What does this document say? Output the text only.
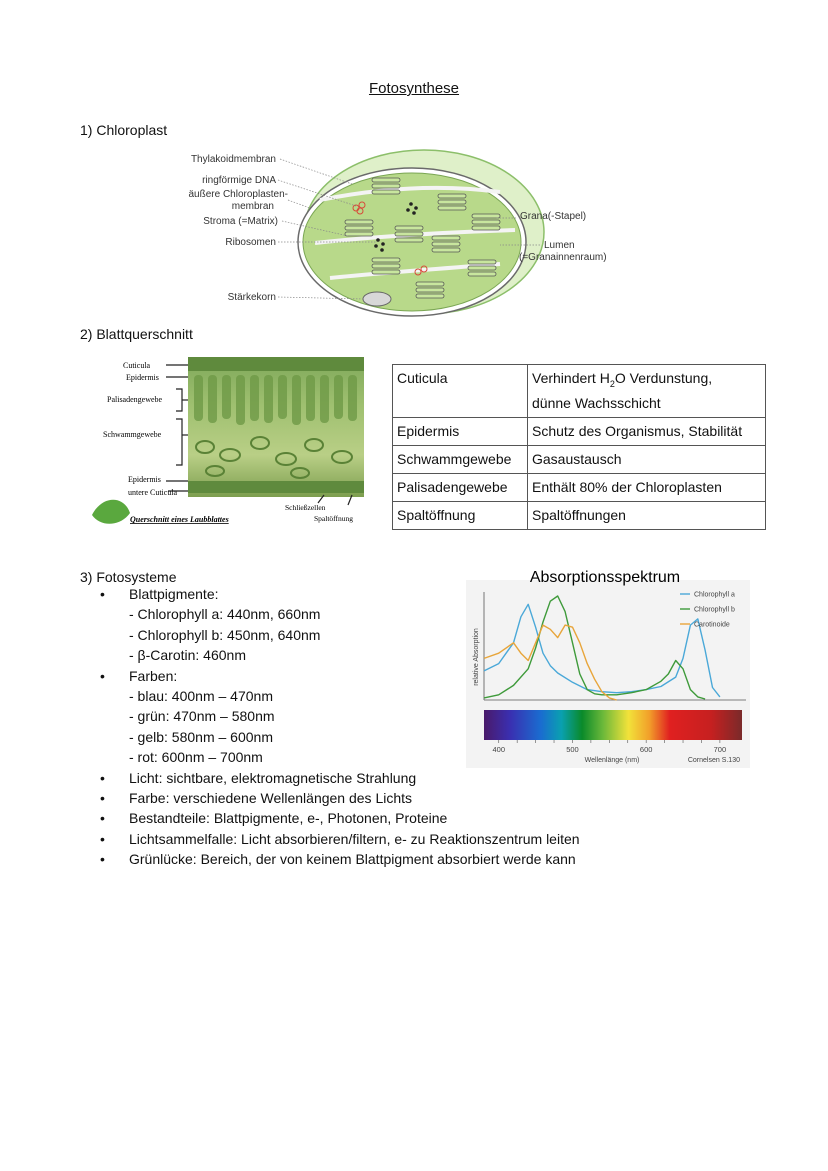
Fotosynthese
1) Chloroplast
Thylakoidmembran
ringförmige DNA
äußere Chloroplasten-
membran
Stroma (=Matrix)
Ribosomen
Stärkekorn
Grana(-Stapel)
Lumen
(=Granainnenraum)
2) Blattquerschnitt
Cuticula
Epidermis
Palisadengewebe
Schwammgewebe
Epidermis
untere Cuticula
Schließzellen
Spaltöffnung
Querschnitt eines Laubblattes
Cuticula	Verhindert $H_2O$ Verdunstung,
dünne Wachsschicht
Epidermis	Schutz des Organismus, Stabilität
Schwammgewebe	Gasaustausch
Palisadengewebe	Enthält 80% der Chloroplasten
Spaltöffnung	Spaltöffnungen
3) Fotosysteme
• Blattpigmente:
- Chlorophyll a: 440nm, 660nm
- Chlorophyll b: 450nm, 640nm
- β-Carotin: 460nm
• Farben:
- blau: 400nm – 470nm
- grün: 470nm – 580nm
- gelb: 580nm – 600nm
- rot: 600nm – 700nm
• Licht: sichtbare, elektromagnetische Strahlung
• Farbe: verschiedene Wellenlängen des Lichts
• Bestandteile: Blattpigmente, e-, Photonen, Proteine
• Lichtsammelfalle: Licht absorbieren/filtern, e- zu Reaktionszentrum leiten
• Grünlücke: Bereich, der von keinem Blattpigment absorbiert werde kann
Absorptionsspektrum
relative Absorption
Chlorophyll a
Chlorophyll b
Carotinoide
400	500	600	700
Wellenlänge (nm)	Cornelsen S.130
